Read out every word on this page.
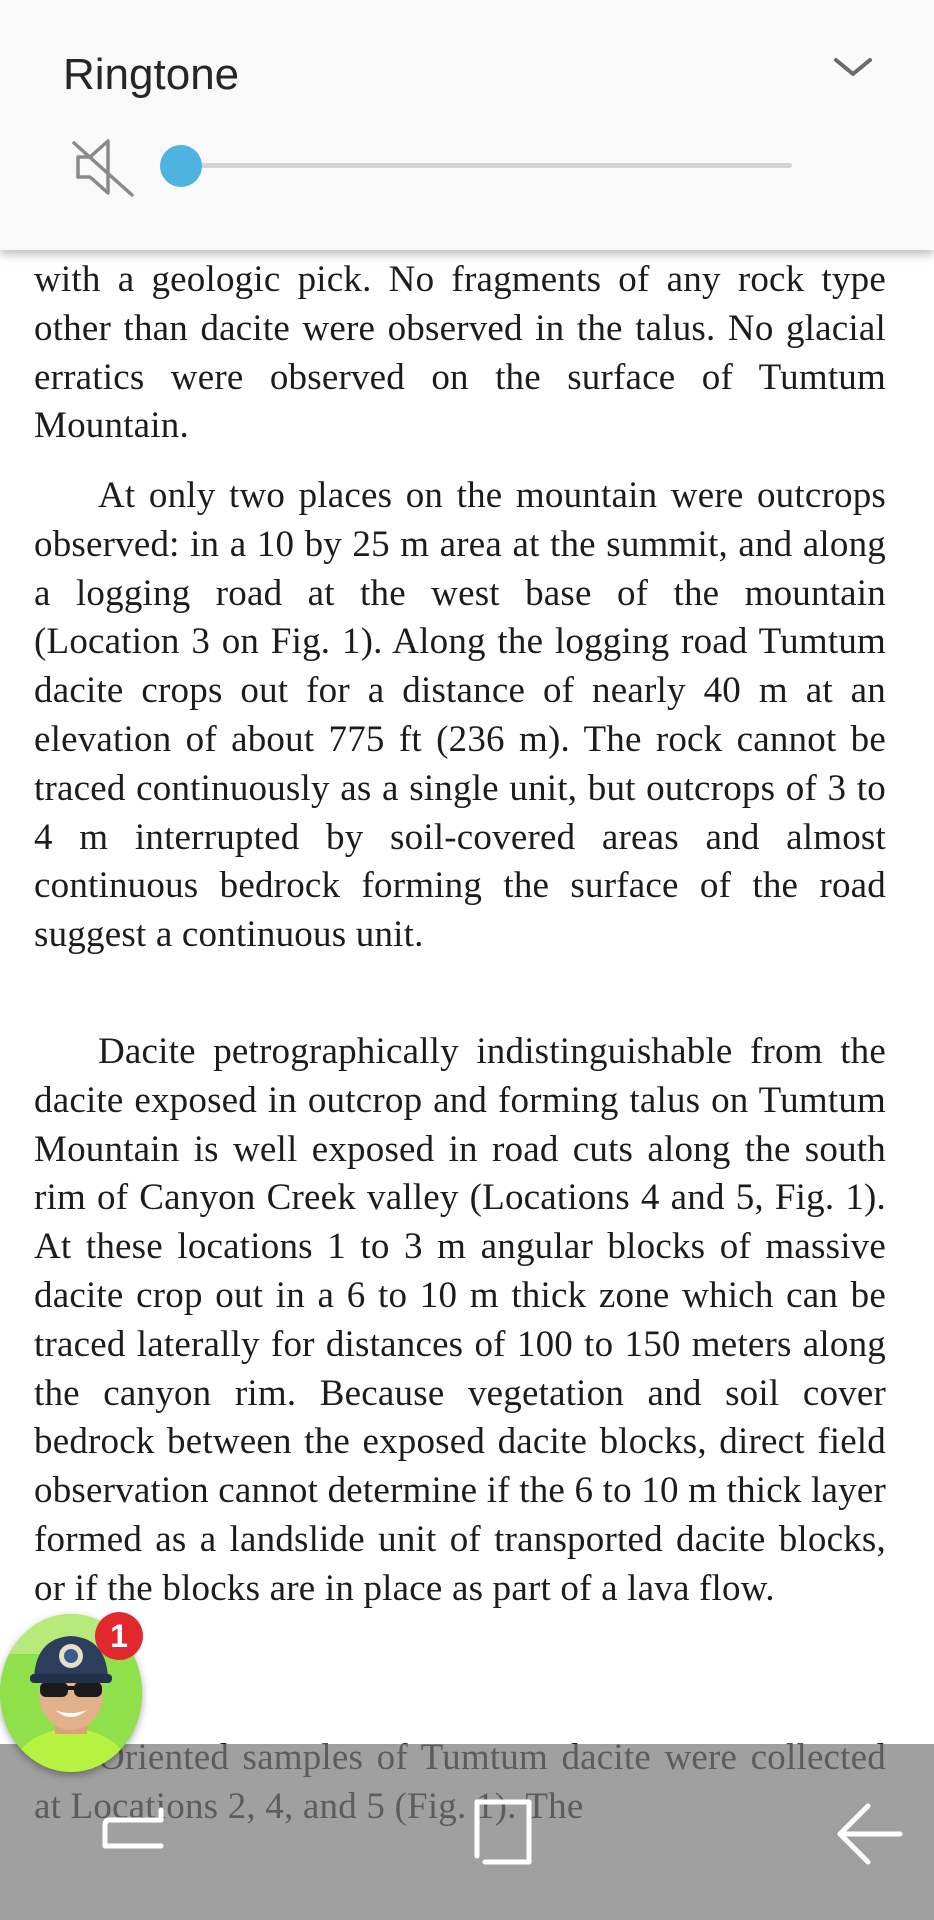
with a geologic pick. No fragments of any rock type other than dacite were observed in the talus. No glacial erratics were observed on the surface of Tumtum Mountain.

At only two places on the mountain were outcrops observed: in a 10 by 25 m area at the summit, and along a logging road at the west base of the mountain (Location 3 on Fig. 1). Along the logging road Tumtum dacite crops out for a distance of nearly 40 m at an elevation of about 775 ft (236 m). The rock cannot be traced continuously as a single unit, but outcrops of 3 to 4 m interrupted by soil-covered areas and almost continuous bedrock forming the surface of the road suggest a continuous unit.

Dacite petrographically indistinguishable from the dacite exposed in outcrop and forming talus on Tumtum Mountain is well exposed in road cuts along the south rim of Canyon Creek valley (Locations 4 and 5, Fig. 1). At these locations 1 to 3 m angular blocks of massive dacite crop out in a 6 to 10 m thick zone which can be traced laterally for distances of 100 to 150 meters along the canyon rim. Because vegetation and soil cover bedrock between the exposed dacite blocks, direct field observation cannot determine if the 6 to 10 m thick layer formed as a landslide unit of transported dacite blocks, or if the blocks are in place as part of a lava flow.

Ringtone
1
